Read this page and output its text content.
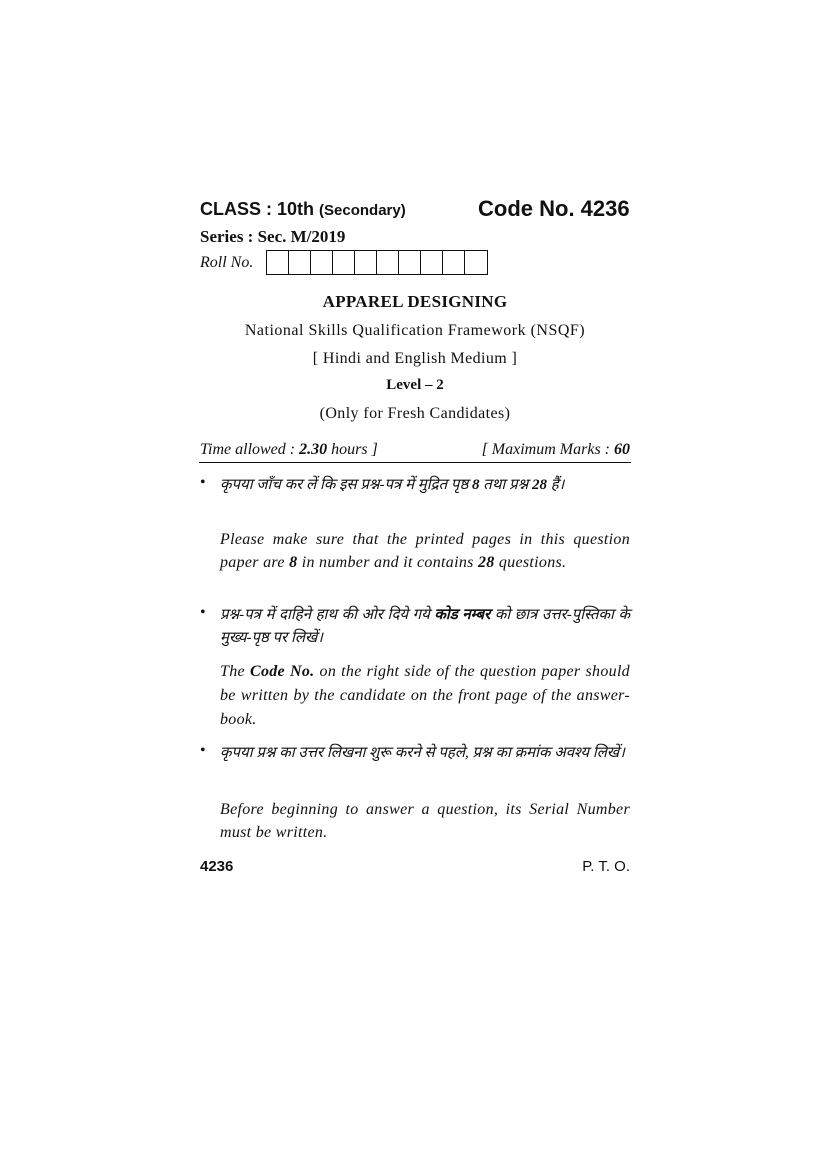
CLASS : 10th (Secondary)	Code No. 4236
Series : Sec. M/2019
Roll No.
APPAREL DESIGNING
National Skills Qualification Framework (NSQF)
[ Hindi and English Medium ]
Level – 2
(Only for Fresh Candidates)
Time allowed : 2.30 hours ]	[ Maximum Marks : 60
• कृपया जाँच कर लें कि इस प्रश्न-पत्र में मुद्रित पृष्ठ 8 तथा प्रश्न 28 हैं।
Please make sure that the printed pages in this question paper are 8 in number and it contains 28 questions.
• प्रश्न-पत्र में दाहिने हाथ की ओर दिये गये कोड नम्बर को छात्र उत्तर-पुस्तिका के मुख्य-पृष्ठ पर लिखें।
The Code No. on the right side of the question paper should be written by the candidate on the front page of the answer-book.
• कृपया प्रश्न का उत्तर लिखना शुरू करने से पहले, प्रश्न का क्रमांक अवश्य लिखें।
Before beginning to answer a question, its Serial Number must be written.
4236	P. T. O.
